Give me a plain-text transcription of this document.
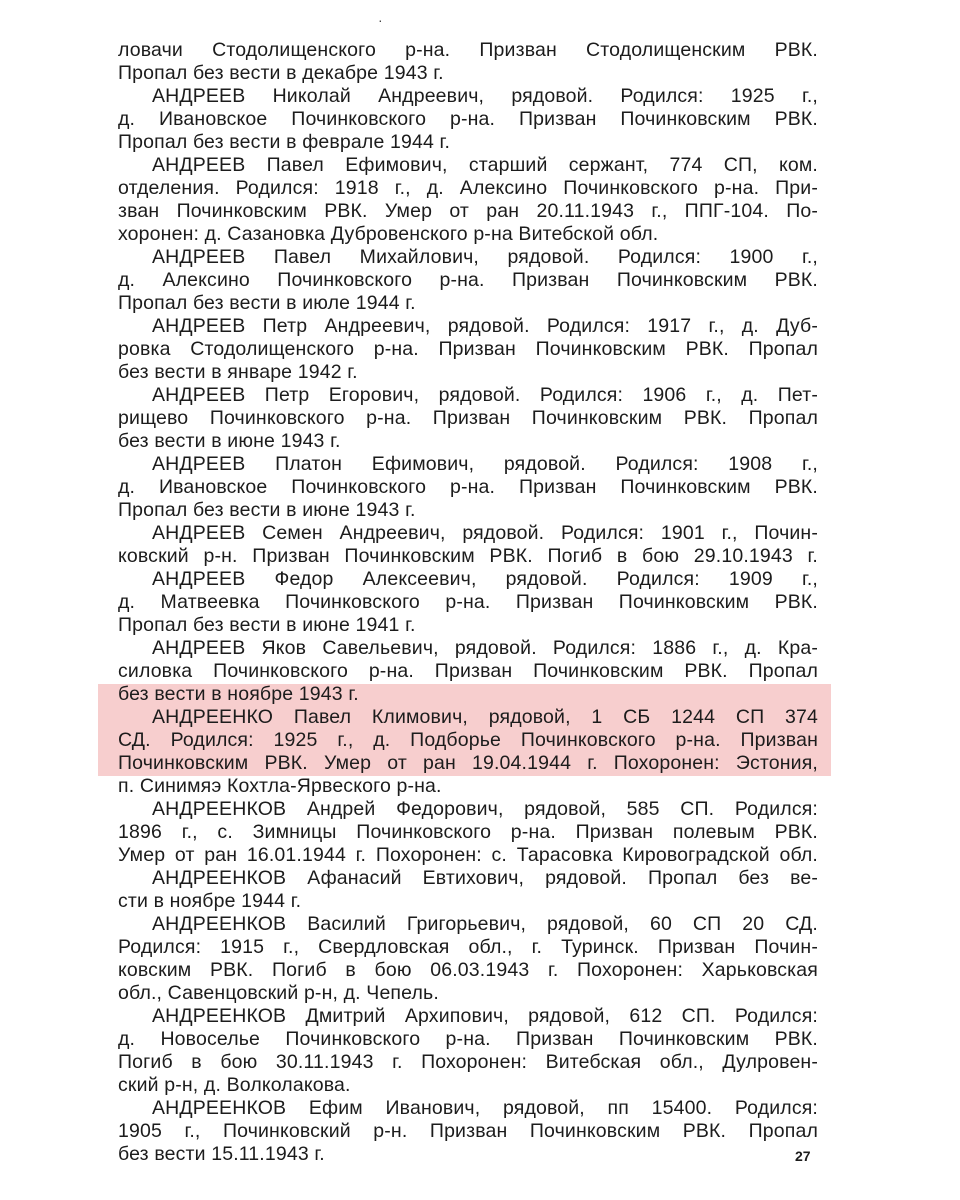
·
ловачи Стодолищенского р-на. Призван Стодолищенским РВК.
Пропал без вести в декабре 1943 г.
АНДРЕЕВ Николай Андреевич, рядовой. Родился: 1925 г.,
д. Ивановское Починковского р-на. Призван Починковским РВК.
Пропал без вести в феврале 1944 г.
АНДРЕЕВ Павел Ефимович, старший сержант, 774 СП, ком.
отделения. Родился: 1918 г., д. Алексино Починковского р-на. При-
зван Починковским РВК. Умер от ран 20.11.1943 г., ППГ-104. По-
хоронен: д. Сазановка Дубровенского р-на Витебской обл.
АНДРЕЕВ Павел Михайлович, рядовой. Родился: 1900 г.,
д. Алексино Починковского р-на. Призван Починковским РВК.
Пропал без вести в июле 1944 г.
АНДРЕЕВ Петр Андреевич, рядовой. Родился: 1917 г., д. Дуб-
ровка Стодолищенского р-на. Призван Починковским РВК. Пропал
без вести в январе 1942 г.
АНДРЕЕВ Петр Егорович, рядовой. Родился: 1906 г., д. Пет-
рищево Починковского р-на. Призван Починковским РВК. Пропал
без вести в июне 1943 г.
АНДРЕЕВ Платон Ефимович, рядовой. Родился: 1908 г.,
д. Ивановское Починковского р-на. Призван Починковским РВК.
Пропал без вести в июне 1943 г.
АНДРЕЕВ Семен Андреевич, рядовой. Родился: 1901 г., Почин-
ковский р-н. Призван Починковским РВК. Погиб в бою 29.10.1943 г.
АНДРЕЕВ Федор Алексеевич, рядовой. Родился: 1909 г.,
д. Матвеевка Починковского р-на. Призван Починковским РВК.
Пропал без вести в июне 1941 г.
АНДРЕЕВ Яков Савельевич, рядовой. Родился: 1886 г., д. Кра-
силовка Починковского р-на. Призван Починковским РВК. Пропал
без вести в ноябре 1943 г.
АНДРЕЕНКО Павел Климович, рядовой, 1 СБ 1244 СП 374
СД. Родился: 1925 г., д. Подборье Починковского р-на. Призван
Починковским РВК. Умер от ран 19.04.1944 г. Похоронен: Эстония,
п. Синимяэ Кохтла-Ярвеского р-на.
АНДРЕЕНКОВ Андрей Федорович, рядовой, 585 СП. Родился:
1896 г., с. Зимницы Починковского р-на. Призван полевым РВК.
Умер от ран 16.01.1944 г. Похоронен: с. Тарасовка Кировоградской обл.
АНДРЕЕНКОВ Афанасий Евтихович, рядовой. Пропал без ве-
сти в ноябре 1944 г.
АНДРЕЕНКОВ Василий Григорьевич, рядовой, 60 СП 20 СД.
Родился: 1915 г., Свердловская обл., г. Туринск. Призван Почин-
ковским РВК. Погиб в бою 06.03.1943 г. Похоронен: Харьковская
обл., Савенцовский р-н, д. Чепель.
АНДРЕЕНКОВ Дмитрий Архипович, рядовой, 612 СП. Родился:
д. Новоселье Починковского р-на. Призван Починковским РВК.
Погиб в бою 30.11.1943 г. Похоронен: Витебская обл., Дулровен-
ский р-н, д. Волколакова.
АНДРЕЕНКОВ Ефим Иванович, рядовой, пп 15400. Родился:
1905 г., Починковский р-н. Призван Починковским РВК. Пропал
без вести 15.11.1943 г.	27
